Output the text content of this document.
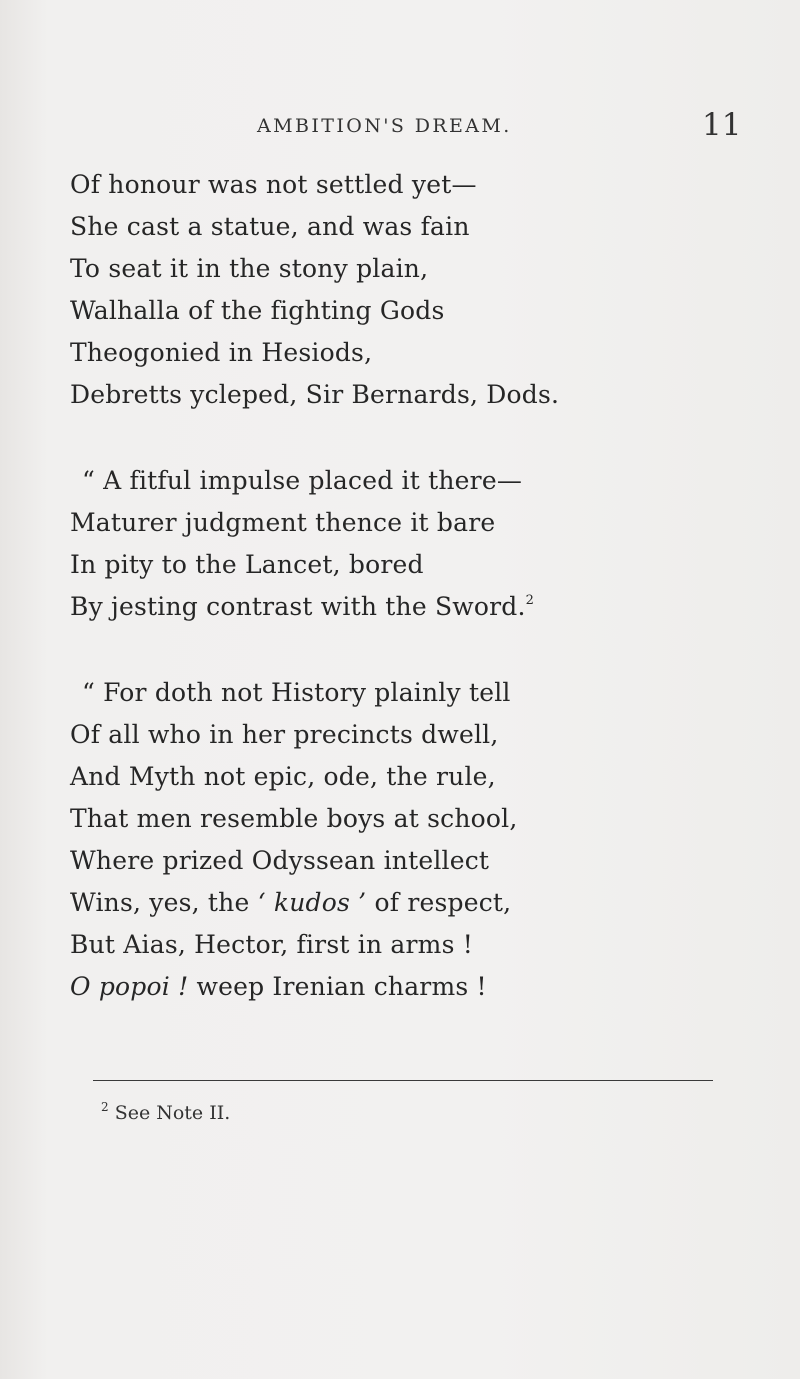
AMBITION'S DREAM.	11
Of honour was not settled yet—
She cast a statue, and was fain
To seat it in the stony plain,
Walhalla of the fighting Gods
Theogonied in Hesiods,
Debretts ycleped, Sir Bernards, Dods.
“ A fitful impulse placed it there—
Maturer judgment thence it bare
In pity to the Lancet, bored
By jesting contrast with the Sword.$^2$
“ For doth not History plainly tell
Of all who in her precincts dwell,
And Myth not epic, ode, the rule,
That men resemble boys at school,
Where prized Odyssean intellect
Wins, yes, the ‘ kudos ’ of respect,
But Aias, Hector, first in arms !
O popoi ! weep Irenian charms !
$^2$ See Note II.
